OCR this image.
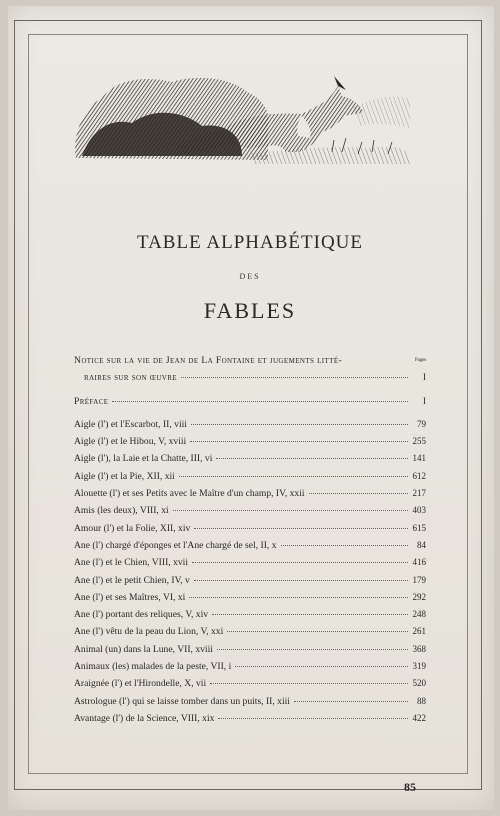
TABLE ALPHABÉTIQUE
DES
FABLES
Notice sur la vie de Jean de La Fontaine et jugements litté-	ᴾᵃᵍᵉˢ
raires sur son œuvre	I
Préface	I
Aigle (l') et l'Escarbot, II, viii	79
Aigle (l') et le Hibou, V, xviii	255
Aigle (l'), la Laie et la Chatte, III, vi	141
Aigle (l') et la Pie, XII, xii	612
Alouette (l') et ses Petits avec le Maître d'un champ, IV, xxii	217
Amis (les deux), VIII, xi	403
Amour (l') et la Folie, XII, xiv	615
Ane (l') chargé d'éponges et l'Ane chargé de sel, II, x	84
Ane (l') et le Chien, VIII, xvii	416
Ane (l') et le petit Chien, IV, v	179
Ane (l') et ses Maîtres, VI, xi	292
Ane (l') portant des reliques, V, xiv	248
Ane (l') vêtu de la peau du Lion, V, xxi	261
Animal (un) dans la Lune, VII, xviii	368
Animaux (les) malades de la peste, VII, i	319
Araignée (l') et l'Hirondelle, X, vii	520
Astrologue (l') qui se laisse tomber dans un puits, II, xiii	88
Avantage (l') de la Science, VIII, xix	422
85
